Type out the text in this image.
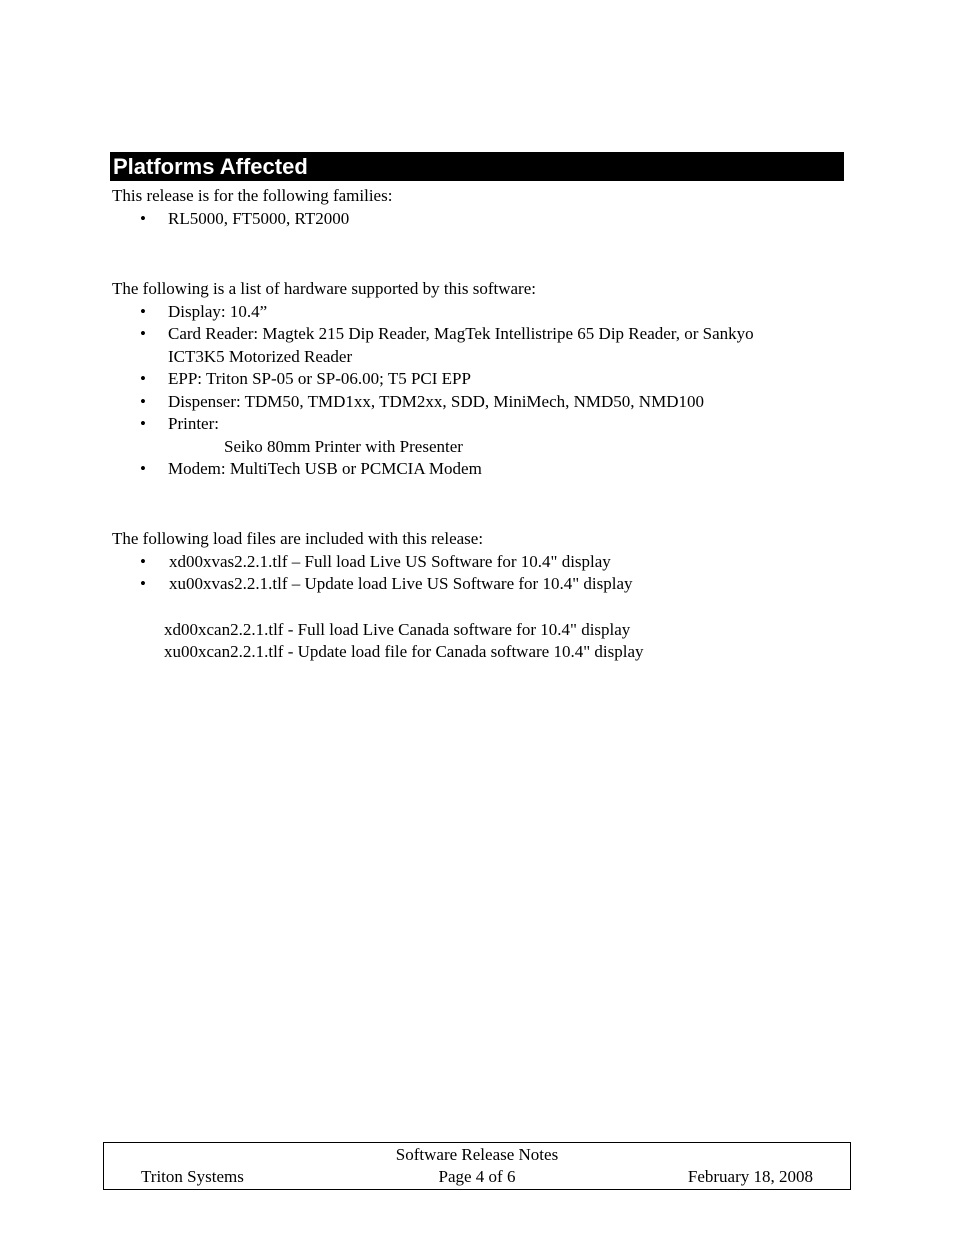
Platforms Affected
This release is for the following families:
• RL5000, FT5000, RT2000
The following is a list of hardware supported by this software:
• Display: 10.4”
• Card Reader: Magtek 215 Dip Reader, MagTek Intellistripe 65 Dip Reader, or Sankyo
ICT3K5 Motorized Reader
• EPP: Triton SP-05 or SP-06.00; T5 PCI EPP
• Dispenser: TDM50, TMD1xx, TDM2xx, SDD, MiniMech, NMD50, NMD100
• Printer:
Seiko 80mm Printer with Presenter
• Modem: MultiTech USB or PCMCIA Modem
The following load files are included with this release:
• xd00xvas2.2.1.tlf – Full load Live US Software for 10.4" display
• xu00xvas2.2.1.tlf – Update load Live US Software for 10.4" display
xd00xcan2.2.1.tlf - Full load Live Canada software for 10.4" display
xu00xcan2.2.1.tlf - Update load file for Canada software 10.4" display
Software Release Notes
Triton Systems	Page 4 of 6	February 18, 2008
